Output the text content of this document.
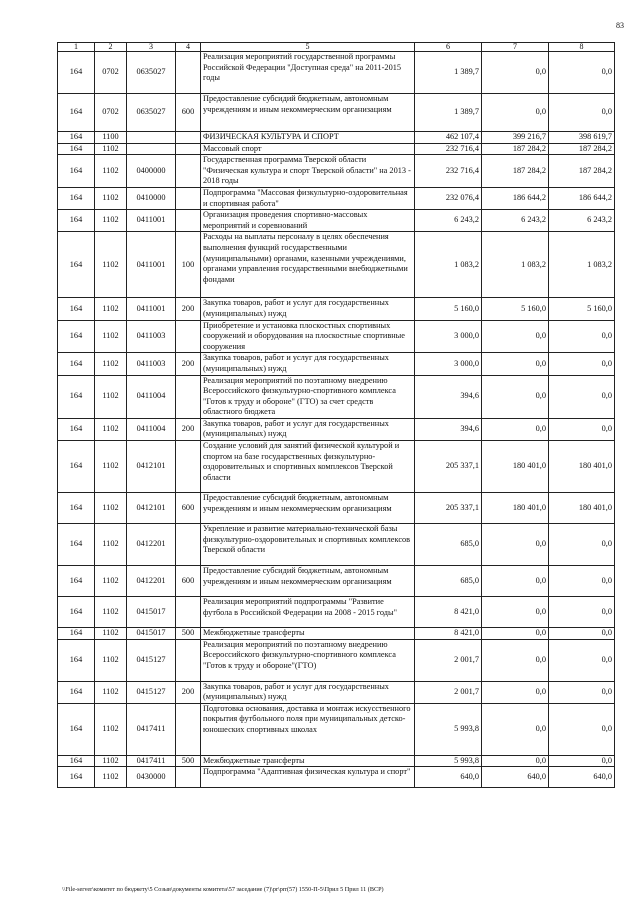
83
1	2	3	4	5	6	7	8
164	0702	0635027		Реализация мероприятий государственной программы Российской Федерации "Доступная среда" на 2011-2015 годы	1 389,7	0,0	0,0
164	0702	0635027	600	Предоставление субсидий бюджетным, автономным учреждениям и иным некоммерческим организациям	1 389,7	0,0	0,0
164	1100			ФИЗИЧЕСКАЯ КУЛЬТУРА И СПОРТ	462 107,4	399 216,7	398 619,7
164	1102			Массовый спорт	232 716,4	187 284,2	187 284,2
164	1102	0400000		Государственная программа Тверской области "Физическая культура и спорт Тверской области" на 2013 - 2018 годы	232 716,4	187 284,2	187 284,2
164	1102	0410000		Подпрограмма "Массовая физкультурно-оздоровительная и спортивная работа"	232 076,4	186 644,2	186 644,2
164	1102	0411001		Организация проведения спортивно-массовых мероприятий и соревнований	6 243,2	6 243,2	6 243,2
164	1102	0411001	100	Расходы на выплаты персоналу в целях обеспечения выполнения функций государственными (муниципальными) органами, казенными учреждениями, органами управления государственными внебюджетными фондами	1 083,2	1 083,2	1 083,2
164	1102	0411001	200	Закупка товаров, работ и услуг для государственных (муниципальных) нужд	5 160,0	5 160,0	5 160,0
164	1102	0411003		Приобретение и установка плоскостных спортивных сооружений и оборудования на плоскостные спортивные сооружения	3 000,0	0,0	0,0
164	1102	0411003	200	Закупка товаров, работ и услуг для государственных (муниципальных) нужд	3 000,0	0,0	0,0
164	1102	0411004		Реализация мероприятий по поэтапному внедрению Всероссийского физкультурно-спортивного комплекса "Готов к труду и обороне" (ГТО) за счет средств областного бюджета	394,6	0,0	0,0
164	1102	0411004	200	Закупка товаров, работ и услуг для государственных (муниципальных) нужд	394,6	0,0	0,0
164	1102	0412101		Создание условий для занятий физической культурой и спортом на базе государственных физкультурно-оздоровительных и спортивных комплексов Тверской области	205 337,1	180 401,0	180 401,0
164	1102	0412101	600	Предоставление субсидий бюджетным, автономным учреждениям и иным некоммерческим организациям	205 337,1	180 401,0	180 401,0
164	1102	0412201		Укрепление и развитие материально-технической базы физкультурно-оздоровительных и спортивных комплексов Тверской области	685,0	0,0	0,0
164	1102	0412201	600	Предоставление субсидий бюджетным, автономным учреждениям и иным некоммерческим организациям	685,0	0,0	0,0
164	1102	0415017		Реализация мероприятий подпрограммы "Развитие футбола в Российской Федерации на 2008 - 2015 годы"	8 421,0	0,0	0,0
164	1102	0415017	500	Межбюджетные трансферты	8 421,0	0,0	0,0
164	1102	0415127		Реализация мероприятий по поэтапному внедрению Всероссийского физкультурно-спортивного комплекса "Готов к труду и обороне"(ГТО)	2 001,7	0,0	0,0
164	1102	0415127	200	Закупка товаров, работ и услуг для государственных (муниципальных) нужд	2 001,7	0,0	0,0
164	1102	0417411		Подготовка основания, доставка и монтаж искусственного покрытия футбольного поля при муниципальных детско-юношеских спортивных школах	5 993,8	0,0	0,0
164	1102	0417411	500	Межбюджетные трансферты	5 993,8	0,0	0,0
164	1102	0430000		Подпрограмма "Адаптивная физическая культура и спорт"	640,0	640,0	640,0
\\File-server\комитет по бюджету\5 Созыв\документы комитета\57 заседание (7)\pr\prr(57) 1550-П-5\Прил 5 Прил 11 (ВСР)
